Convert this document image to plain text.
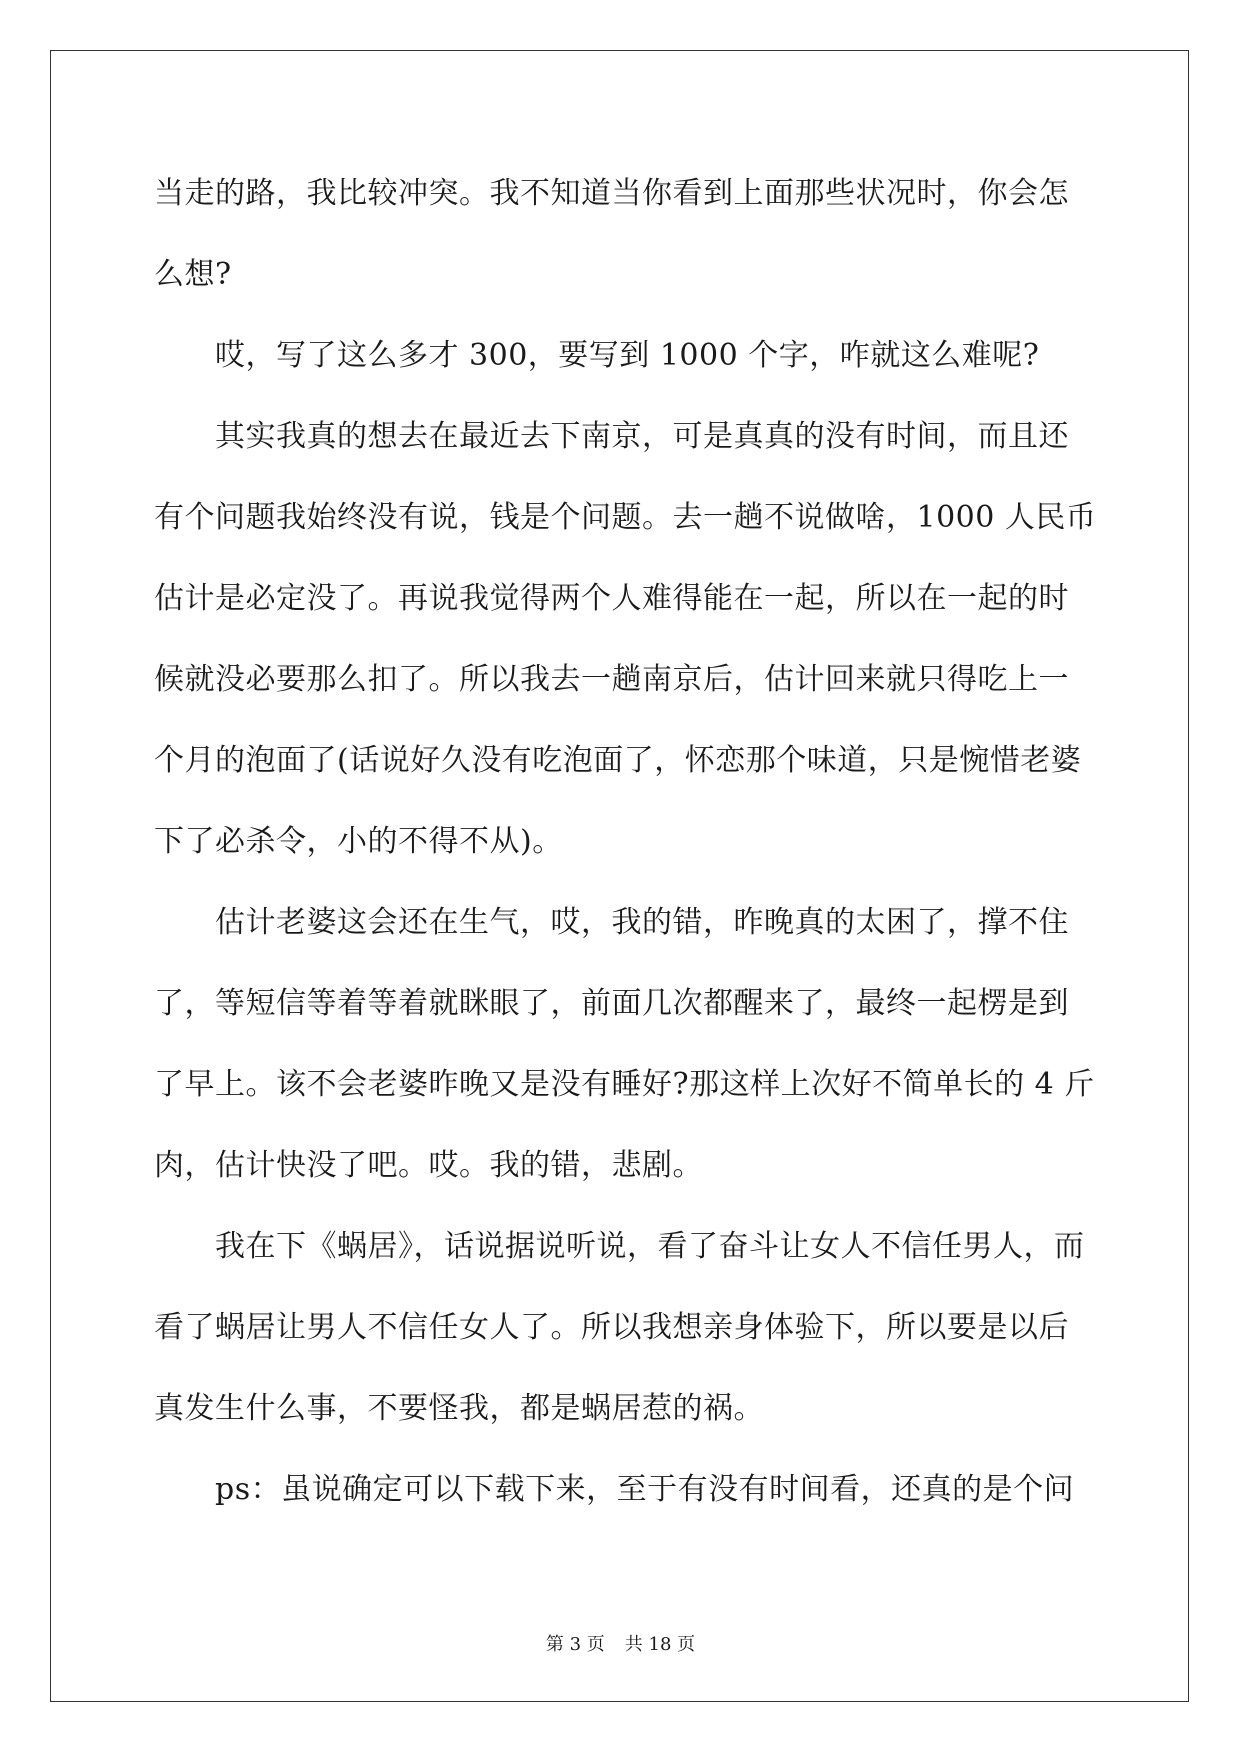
当走的路，我比较冲突。我不知道当你看到上面那些状况时，你会怎
么想?
哎，写了这么多才 300，要写到 1000 个字，咋就这么难呢?
其实我真的想去在最近去下南京，可是真真的没有时间，而且还
有个问题我始终没有说，钱是个问题。去一趟不说做啥，1000 人民币
估计是必定没了。再说我觉得两个人难得能在一起，所以在一起的时
候就没必要那么扣了。所以我去一趟南京后，估计回来就只得吃上一
个月的泡面了(话说好久没有吃泡面了，怀恋那个味道，只是惋惜老婆
下了必杀令，小的不得不从)。
估计老婆这会还在生气，哎，我的错，昨晚真的太困了，撑不住
了，等短信等着等着就眯眼了，前面几次都醒来了，最终一起楞是到
了早上。该不会老婆昨晚又是没有睡好?那这样上次好不简单长的 4 斤
肉，估计快没了吧。哎。我的错，悲剧。
我在下《蜗居》，话说据说听说，看了奋斗让女人不信任男人，而
看了蜗居让男人不信任女人了。所以我想亲身体验下，所以要是以后
真发生什么事，不要怪我，都是蜗居惹的祸。
ps：虽说确定可以下载下来，至于有没有时间看，还真的是个问
第 3 页 共 18 页
